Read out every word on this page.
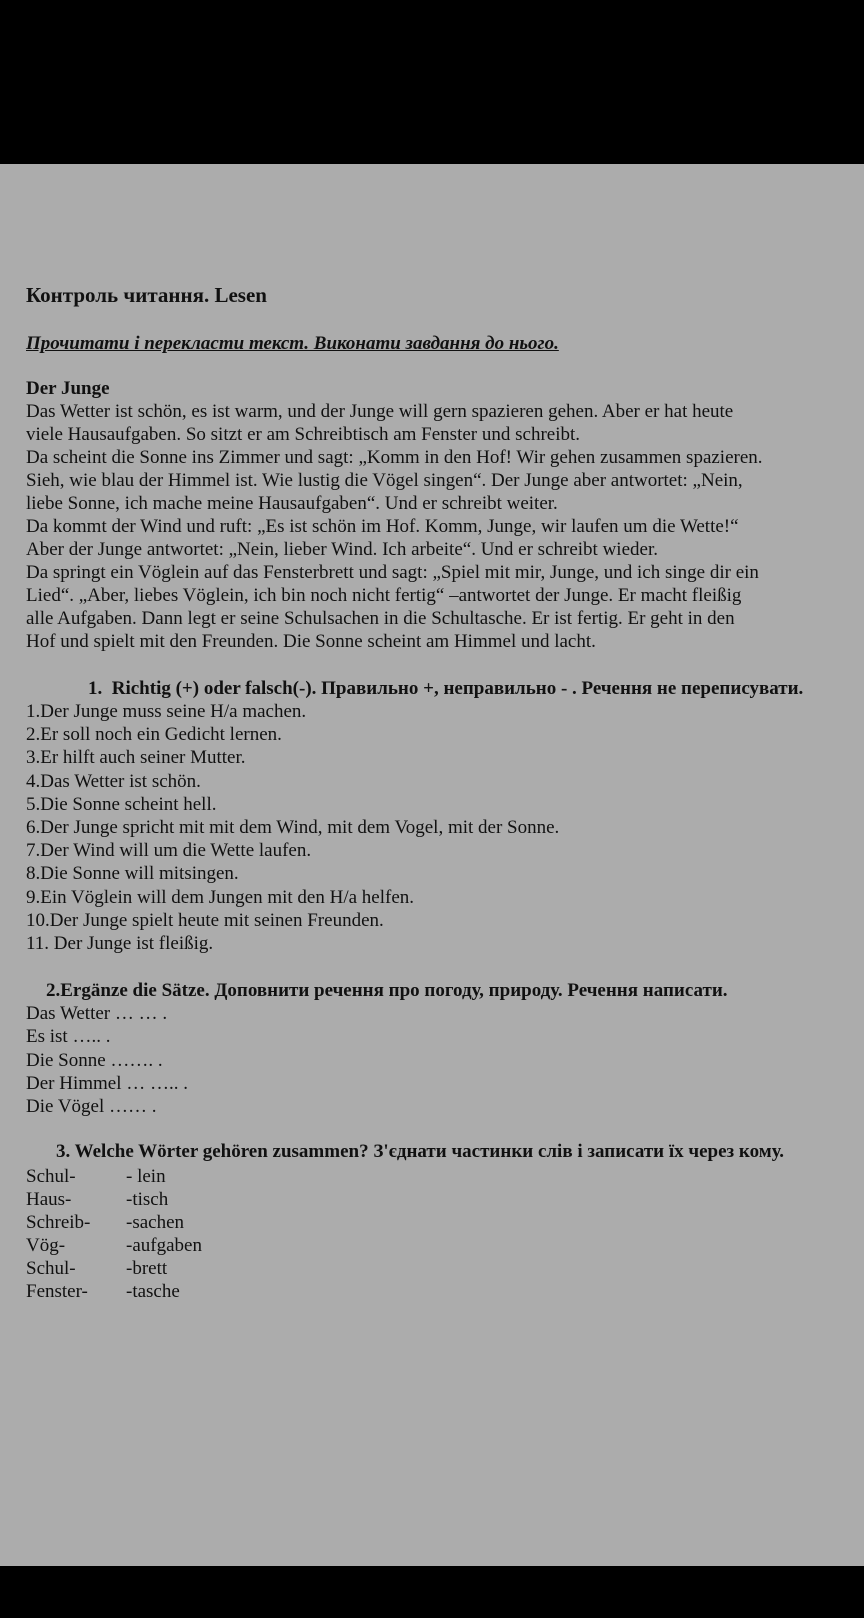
Контроль читання. Lesen

Прочитати і перекласти текст. Виконати завдання до нього.

Der Junge

Das Wetter ist schön, es ist warm, und der Junge will gern spazieren gehen. Aber er hat heute

viele Hausaufgaben. So sitzt er am Schreibtisch am Fenster und schreibt.

Da scheint die Sonne ins Zimmer und sagt: „Komm in den Hof! Wir gehen zusammen spazieren.

Sieh, wie blau der Himmel ist. Wie lustig die Vögel singen“. Der Junge aber antwortet: „Nein,

liebe Sonne, ich mache meine Hausaufgaben“. Und er schreibt weiter.

Da kommt der Wind und ruft: „Es ist schön im Hof. Komm, Junge, wir laufen um die Wette!“

Aber der Junge antwortet: „Nein, lieber Wind. Ich arbeite“. Und er schreibt wieder.

Da springt ein Vöglein auf das Fensterbrett und sagt: „Spiel mit mir, Junge, und ich singe dir ein

Lied“. „Aber, liebes Vöglein, ich bin noch nicht fertig“ –antwortet der Junge. Er macht fleißig

alle Aufgaben. Dann legt er seine Schulsachen in die Schultasche. Er ist fertig. Er geht in den

Hof und spielt mit den Freunden. Die Sonne scheint am Himmel und lacht.

1.  Richtig (+) oder falsch(-). Правильно +, неправильно - . Речення не переписувати.
1.Der Junge muss seine H/a machen.
2.Er soll noch ein Gedicht lernen.
3.Er hilft auch seiner Mutter.
4.Das Wetter ist schön.
5.Die Sonne scheint hell.
6.Der Junge spricht mit mit dem Wind, mit dem Vogel, mit der Sonne.
7.Der Wind will um die Wette laufen.
8.Die Sonne will mitsingen.
9.Ein Vöglein will dem Jungen mit den H/a helfen.
10.Der Junge spielt heute mit seinen Freunden.
11. Der Junge ist fleißig.
2.Ergänze die Sätze. Доповнити речення про погоду, природу. Речення написати.
Das Wetter … … .
Es ist ….. .
Die Sonne ……. .
Der Himmel … ….. .
Die Vögel …… .
3. Welche Wörter gehören zusammen? З'єднати частинки слів і записати їх через кому.
Schul-	- lein
Haus-	-tisch
Schreib-	-sachen
Vög-	-aufgaben
Schul-	-brett
Fenster-	-tasche
